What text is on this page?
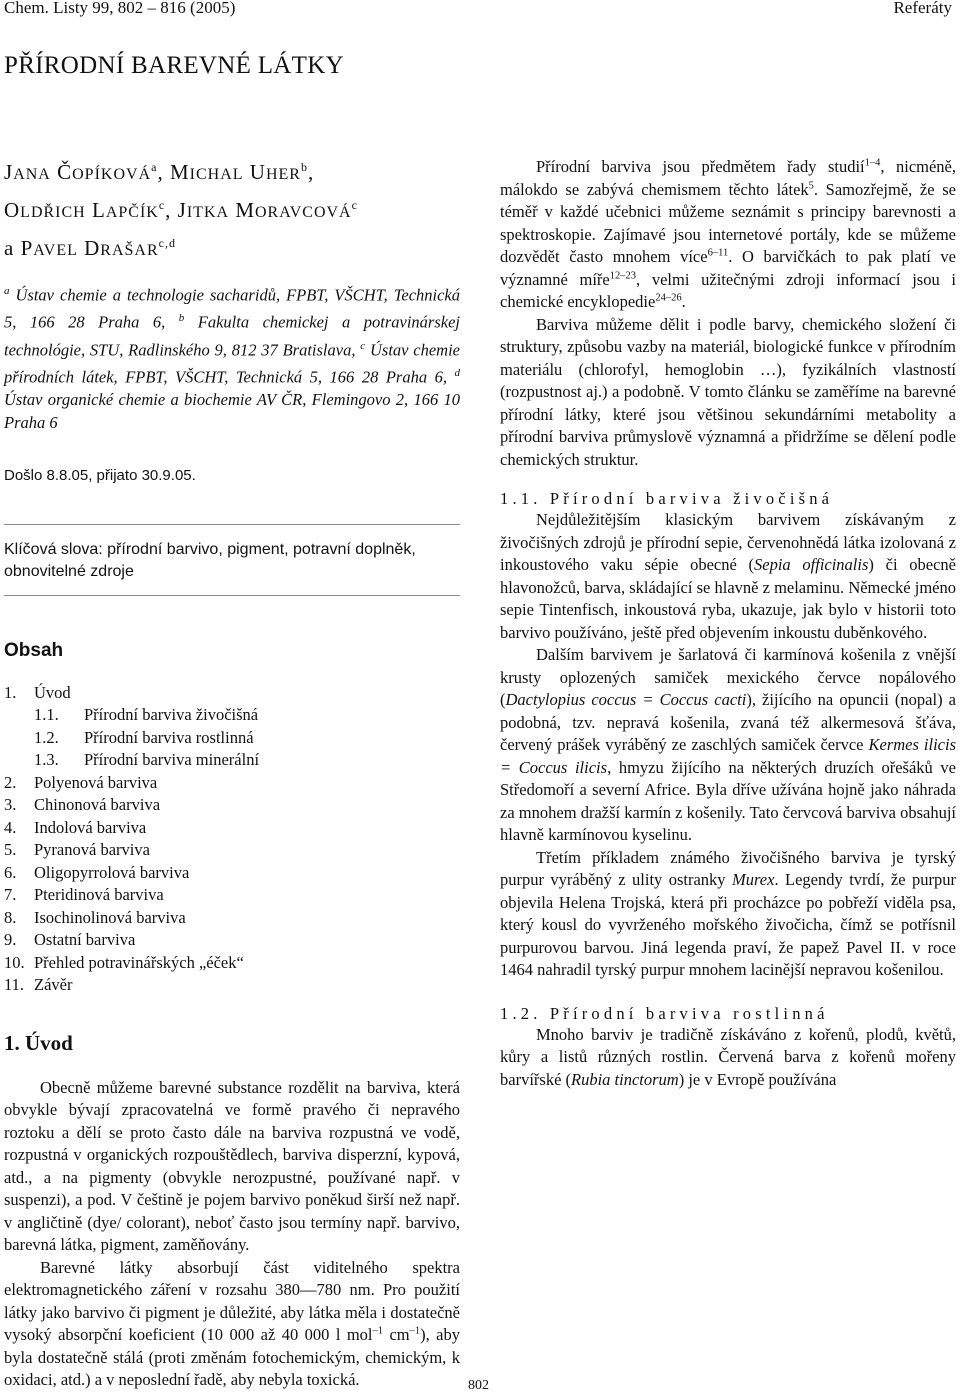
Chem. Listy 99, 802 – 816 (2005)	Referáty
PŘÍRODNÍ BAREVNÉ LÁTKY

JANA ČOPÍKOVÁ$^a$, MICHAL UHER$^b$,
OLDŘICH LAPČÍK$^c$, JITKA MORAVCOVÁ$^c$
a PAVEL DRAŠAR$^{c,d}$

$^a$ Ústav chemie a technologie sacharidů, FPBT, VŠCHT, Technická 5, 166 28 Praha 6, $^b$ Fakulta chemickej a potravinárskej technológie, STU, Radlinského 9, 812 37 Bratislava, $^c$ Ústav chemie přírodních látek, FPBT, VŠCHT, Technická 5, 166 28 Praha 6, $^d$ Ústav organické chemie a biochemie AV ČR, Flemingovo 2, 166 10 Praha 6
Došlo 8.8.05, přijato 30.9.05.
Klíčová slova: přírodní barvivo, pigment, potravní doplněk, obnovitelné zdroje

Obsah

1.	Úvod
1.1.	Přírodní barviva živočišná
1.2.	Přírodní barviva rostlinná
1.3.	Přírodní barviva minerální
2.	Polyenová barviva
3.	Chinonová barviva
4.	Indolová barviva
5.	Pyranová barviva
6.	Oligopyrrolová barviva
7.	Pteridinová barviva
8.	Isochinolinová barviva
9.	Ostatní barviva
10. Přehled potravinářských „éček“
11. Závěr

1. Úvod

Obecně můžeme barevné substance rozdělit na barviva, která obvykle bývají zpracovatelná ve formě pravého či nepravého roztoku a dělí se proto často dále na barviva rozpustná ve vodě, rozpustná v organických rozpouštědlech, barviva disperzní, kypová, atd., a na pigmenty (obvykle nerozpustné, používané např. v suspenzi), a pod. V češtině je pojem barvivo poněkud širší než např. v angličtině (dye/ colorant), neboť často jsou termíny např. barvivo, barevná látka, pigment, zaměňovány.

Barevné látky absorbují část viditelného spektra elektromagnetického záření v rozsahu 380—780 nm. Pro použití látky jako barvivo či pigment je důležité, aby látka měla i dostatečně vysoký absorpční koeficient (10 000 až 40 000 l mol$^{-1}$ $cm^{-1}$), aby byla dostatečně stálá (proti změnám fotochemickým, chemickým, k oxidaci, atd.) a v neposlední řadě, aby nebyla toxická.

Přírodní barviva jsou předmětem řady studií$^{1-4}$, nicméně, málokdo se zabývá chemismem těchto látek$^5$. Samozřejmě, že se téměř v každé učebnici můžeme seznámit s principy barevnosti a spektroskopie. Zajímavé jsou internetové portály, kde se můžeme dozvědět často mnohem více$^{6-11}$. O barvičkách to pak platí ve významné míře$^{12-23}$, velmi užitečnými zdroji informací jsou i chemické encyklopedie$^{24-26}$.

Barviva můžeme dělit i podle barvy, chemického složení či struktury, způsobu vazby na materiál, biologické funkce v přírodním materiálu (chlorofyl, hemoglobin …), fyzikálních vlastností (rozpustnost aj.) a podobně. V tomto článku se zaměříme na barevné přírodní látky, které jsou většinou sekundárními metabolity a přírodní barviva průmyslově významná a přidržíme se dělení podle chemických struktur.

1.1. Přírodní barviva živočišná

Nejdůležitějším klasickým barvivem získávaným z živočišných zdrojů je přírodní sepie, červenohnědá látka izolovaná z inkoustového vaku sépie obecné (Sepia officinalis) či obecně hlavonožců, barva, skládající se hlavně z melaminu. Německé jméno sepie Tintenfisch, inkoustová ryba, ukazuje, jak bylo v historii toto barvivo používáno, ještě před objevením inkoustu duběnkového.

Dalším barvivem je šarlatová či karmínová košenila z vnější krusty oplozených samiček mexického červce nopálového (Dactylopius coccus = Coccus cacti), žijícího na opuncii (nopal) a podobná, tzv. nepravá košenila, zvaná též alkermesová šťáva, červený prášek vyráběný ze zaschlých samiček červce Kermes ilicis = Coccus ilicis, hmyzu žijícího na některých druzích ořešáků ve Středomoří a severní Africe. Byla dříve užívána hojně jako náhrada za mnohem dražší karmín z košenily. Tato červcová barviva obsahují hlavně karmínovou kyselinu.

Třetím příkladem známého živočišného barviva je tyrský purpur vyráběný z ulity ostranky Murex. Legendy tvrdí, že purpur objevila Helena Trojská, která při procházce po pobřeží viděla psa, který kousl do vyvrženého mořského živočicha, čímž se potřísnil purpurovou barvou. Jiná legenda praví, že papež Pavel II. v roce 1464 nahradil tyrský purpur mnohem lacinější nepravou košenilou.

1.2. Přírodní barviva rostlinná

Mnoho barviv je tradičně získáváno z kořenů, plodů, květů, kůry a listů různých rostlin. Červená barva z kořenů mořeny barvířské (Rubia tinctorum) je v Evropě používána

802
